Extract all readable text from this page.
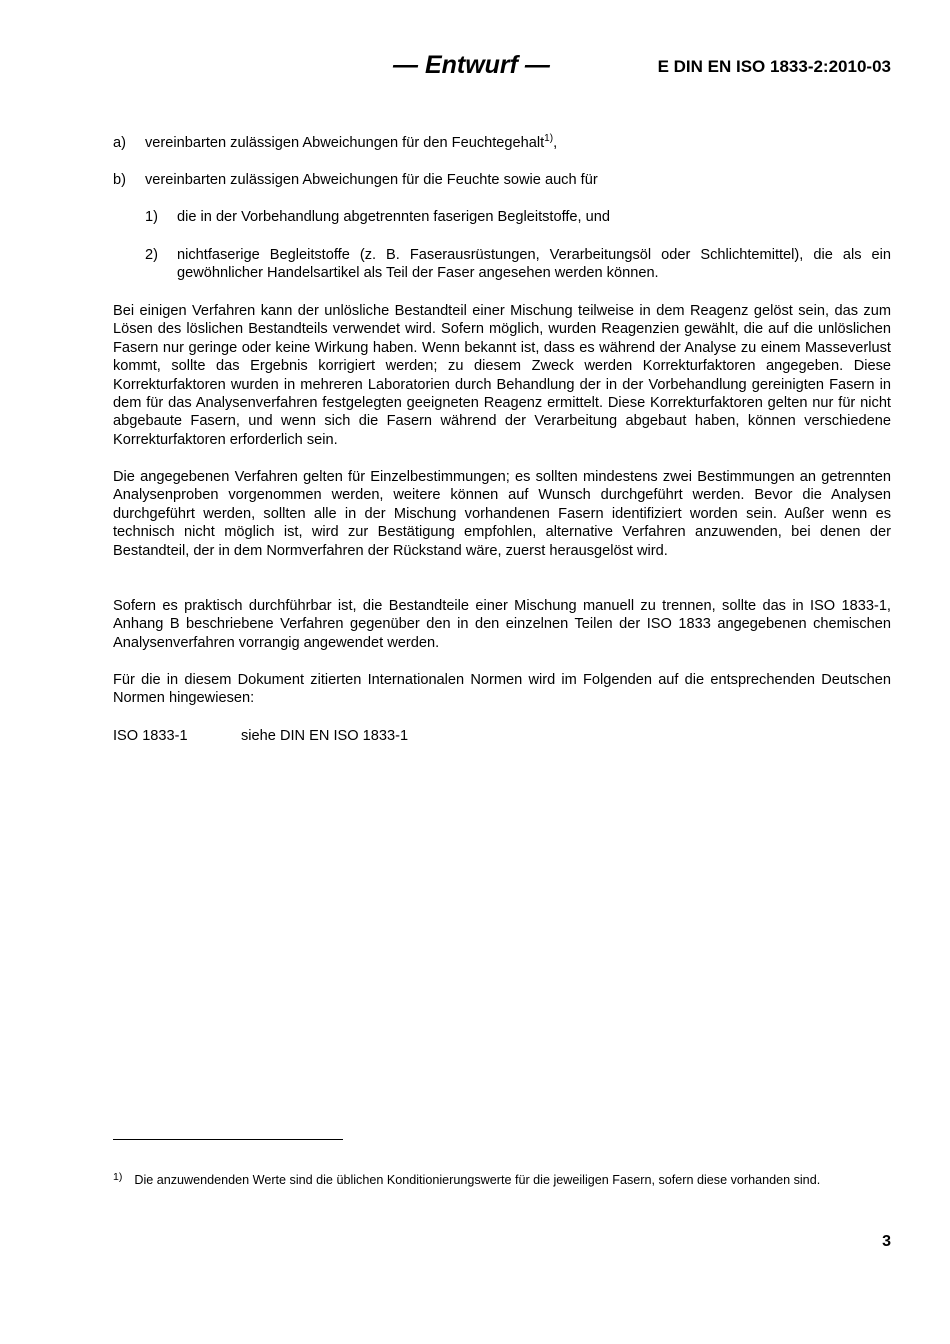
— Entwurf —	E DIN EN ISO 1833-2:2010-03
a) vereinbarten zulässigen Abweichungen für den Feuchtegehalt$^{1)}$,
b) vereinbarten zulässigen Abweichungen für die Feuchte sowie auch für
1) die in der Vorbehandlung abgetrennten faserigen Begleitstoffe, und
2) nichtfaserige Begleitstoffe (z. B. Faserausrüstungen, Verarbeitungsöl oder Schlichtemittel), die als ein gewöhnlicher Handelsartikel als Teil der Faser angesehen werden können.
Bei einigen Verfahren kann der unlösliche Bestandteil einer Mischung teilweise in dem Reagenz gelöst sein, das zum Lösen des löslichen Bestandteils verwendet wird. Sofern möglich, wurden Reagenzien gewählt, die auf die unlöslichen Fasern nur geringe oder keine Wirkung haben. Wenn bekannt ist, dass es während der Analyse zu einem Masseverlust kommt, sollte das Ergebnis korrigiert werden; zu diesem Zweck werden Korrekturfaktoren angegeben. Diese Korrekturfaktoren wurden in mehreren Laboratorien durch Behandlung der in der Vorbehandlung gereinigten Fasern in dem für das Analysenverfahren festgelegten geeigneten Reagenz ermittelt. Diese Korrekturfaktoren gelten nur für nicht abgebaute Fasern, und wenn sich die Fasern während der Verarbeitung abgebaut haben, können verschiedene Korrekturfaktoren erforderlich sein.
Die angegebenen Verfahren gelten für Einzelbestimmungen; es sollten mindestens zwei Bestimmungen an getrennten Analysenproben vorgenommen werden, weitere können auf Wunsch durchgeführt werden. Bevor die Analysen durchgeführt werden, sollten alle in der Mischung vorhandenen Fasern identifiziert worden sein. Außer wenn es technisch nicht möglich ist, wird zur Bestätigung empfohlen, alternative Verfahren anzuwenden, bei denen der Bestandteil, der in dem Normverfahren der Rückstand wäre, zuerst herausgelöst wird.
Sofern es praktisch durchführbar ist, die Bestandteile einer Mischung manuell zu trennen, sollte das in ISO 1833-1, Anhang B beschriebene Verfahren gegenüber den in den einzelnen Teilen der ISO 1833 angegebenen chemischen Analysenverfahren vorrangig angewendet werden.
Für die in diesem Dokument zitierten Internationalen Normen wird im Folgenden auf die entsprechenden Deutschen Normen hingewiesen:
ISO 1833-1	siehe DIN EN ISO 1833-1
$^{1)}$ Die anzuwendenden Werte sind die üblichen Konditionierungswerte für die jeweiligen Fasern, sofern diese vorhanden sind.
3
